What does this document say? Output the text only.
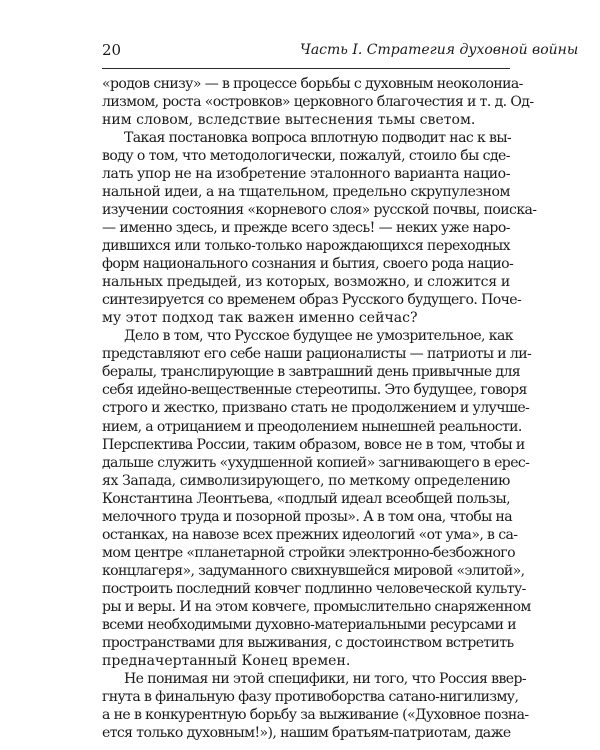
20	Часть I. Стратегия духовной войны
«родов снизу» — в процессе борьбы с духовным неоколониа-
лизмом, роста «островков» церковного благочестия и т. д. Од-
ним словом, вследствие вытеснения тьмы светом.
Такая постановка вопроса вплотную подводит нас к вы-
воду о том, что методологически, пожалуй, стоило бы сде-
лать упор не на изобретение эталонного варианта нацио-
нальной идеи, а на тщательном, предельно скрупулезном
изучении состояния «корневого слоя» русской почвы, поиска-
— именно здесь, и прежде всего здесь! — неких уже наро-
дившихся или только-только нарождающихся переходных
форм национального сознания и бытия, своего рода нацио-
нальных предыдей, из которых, возможно, и сложится и
синтезируется со временем образ Русского будущего. Поче-
му этот подход так важен именно сейчас?
Дело в том, что Русское будущее не умозрительное, как
представляют его себе наши рационалисты — патриоты и ли-
бералы, транслирующие в завтрашний день привычные для
себя идейно-вещественные стереотипы. Это будущее, говоря
строго и жестко, призвано стать не продолжением и улучше-
нием, а отрицанием и преодолением нынешней реальности.
Перспектива России, таким образом, вовсе не в том, чтобы и
дальше служить «ухудшенной копией» загнивающего в ерес-
ях Запада, символизирующего, по меткому определению
Константина Леонтьева, «подлый идеал всеобщей пользы,
мелочного труда и позорной прозы». А в том она, чтобы на
останках, на навозе всех прежних идеологий «от ума», в са-
мом центре «планетарной стройки электронно-безбожного
концлагеря», задуманного свихнувшейся мировой «элитой»,
построить последний ковчег подлинно человеческой культу-
ры и веры. И на этом ковчеге, промыслительно снаряженном
всеми необходимыми духовно-материальными ресурсами и
пространствами для выживания, с достоинством встретить
предначертанный Конец времен.
Не понимая ни этой специфики, ни того, что Россия ввер-
гнута в финальную фазу противоборства сатано-нигилизму,
а не в конкурентную борьбу за выживание («Духовное позна-
ется только духовным!»), нашим братьям-патриотам, даже
